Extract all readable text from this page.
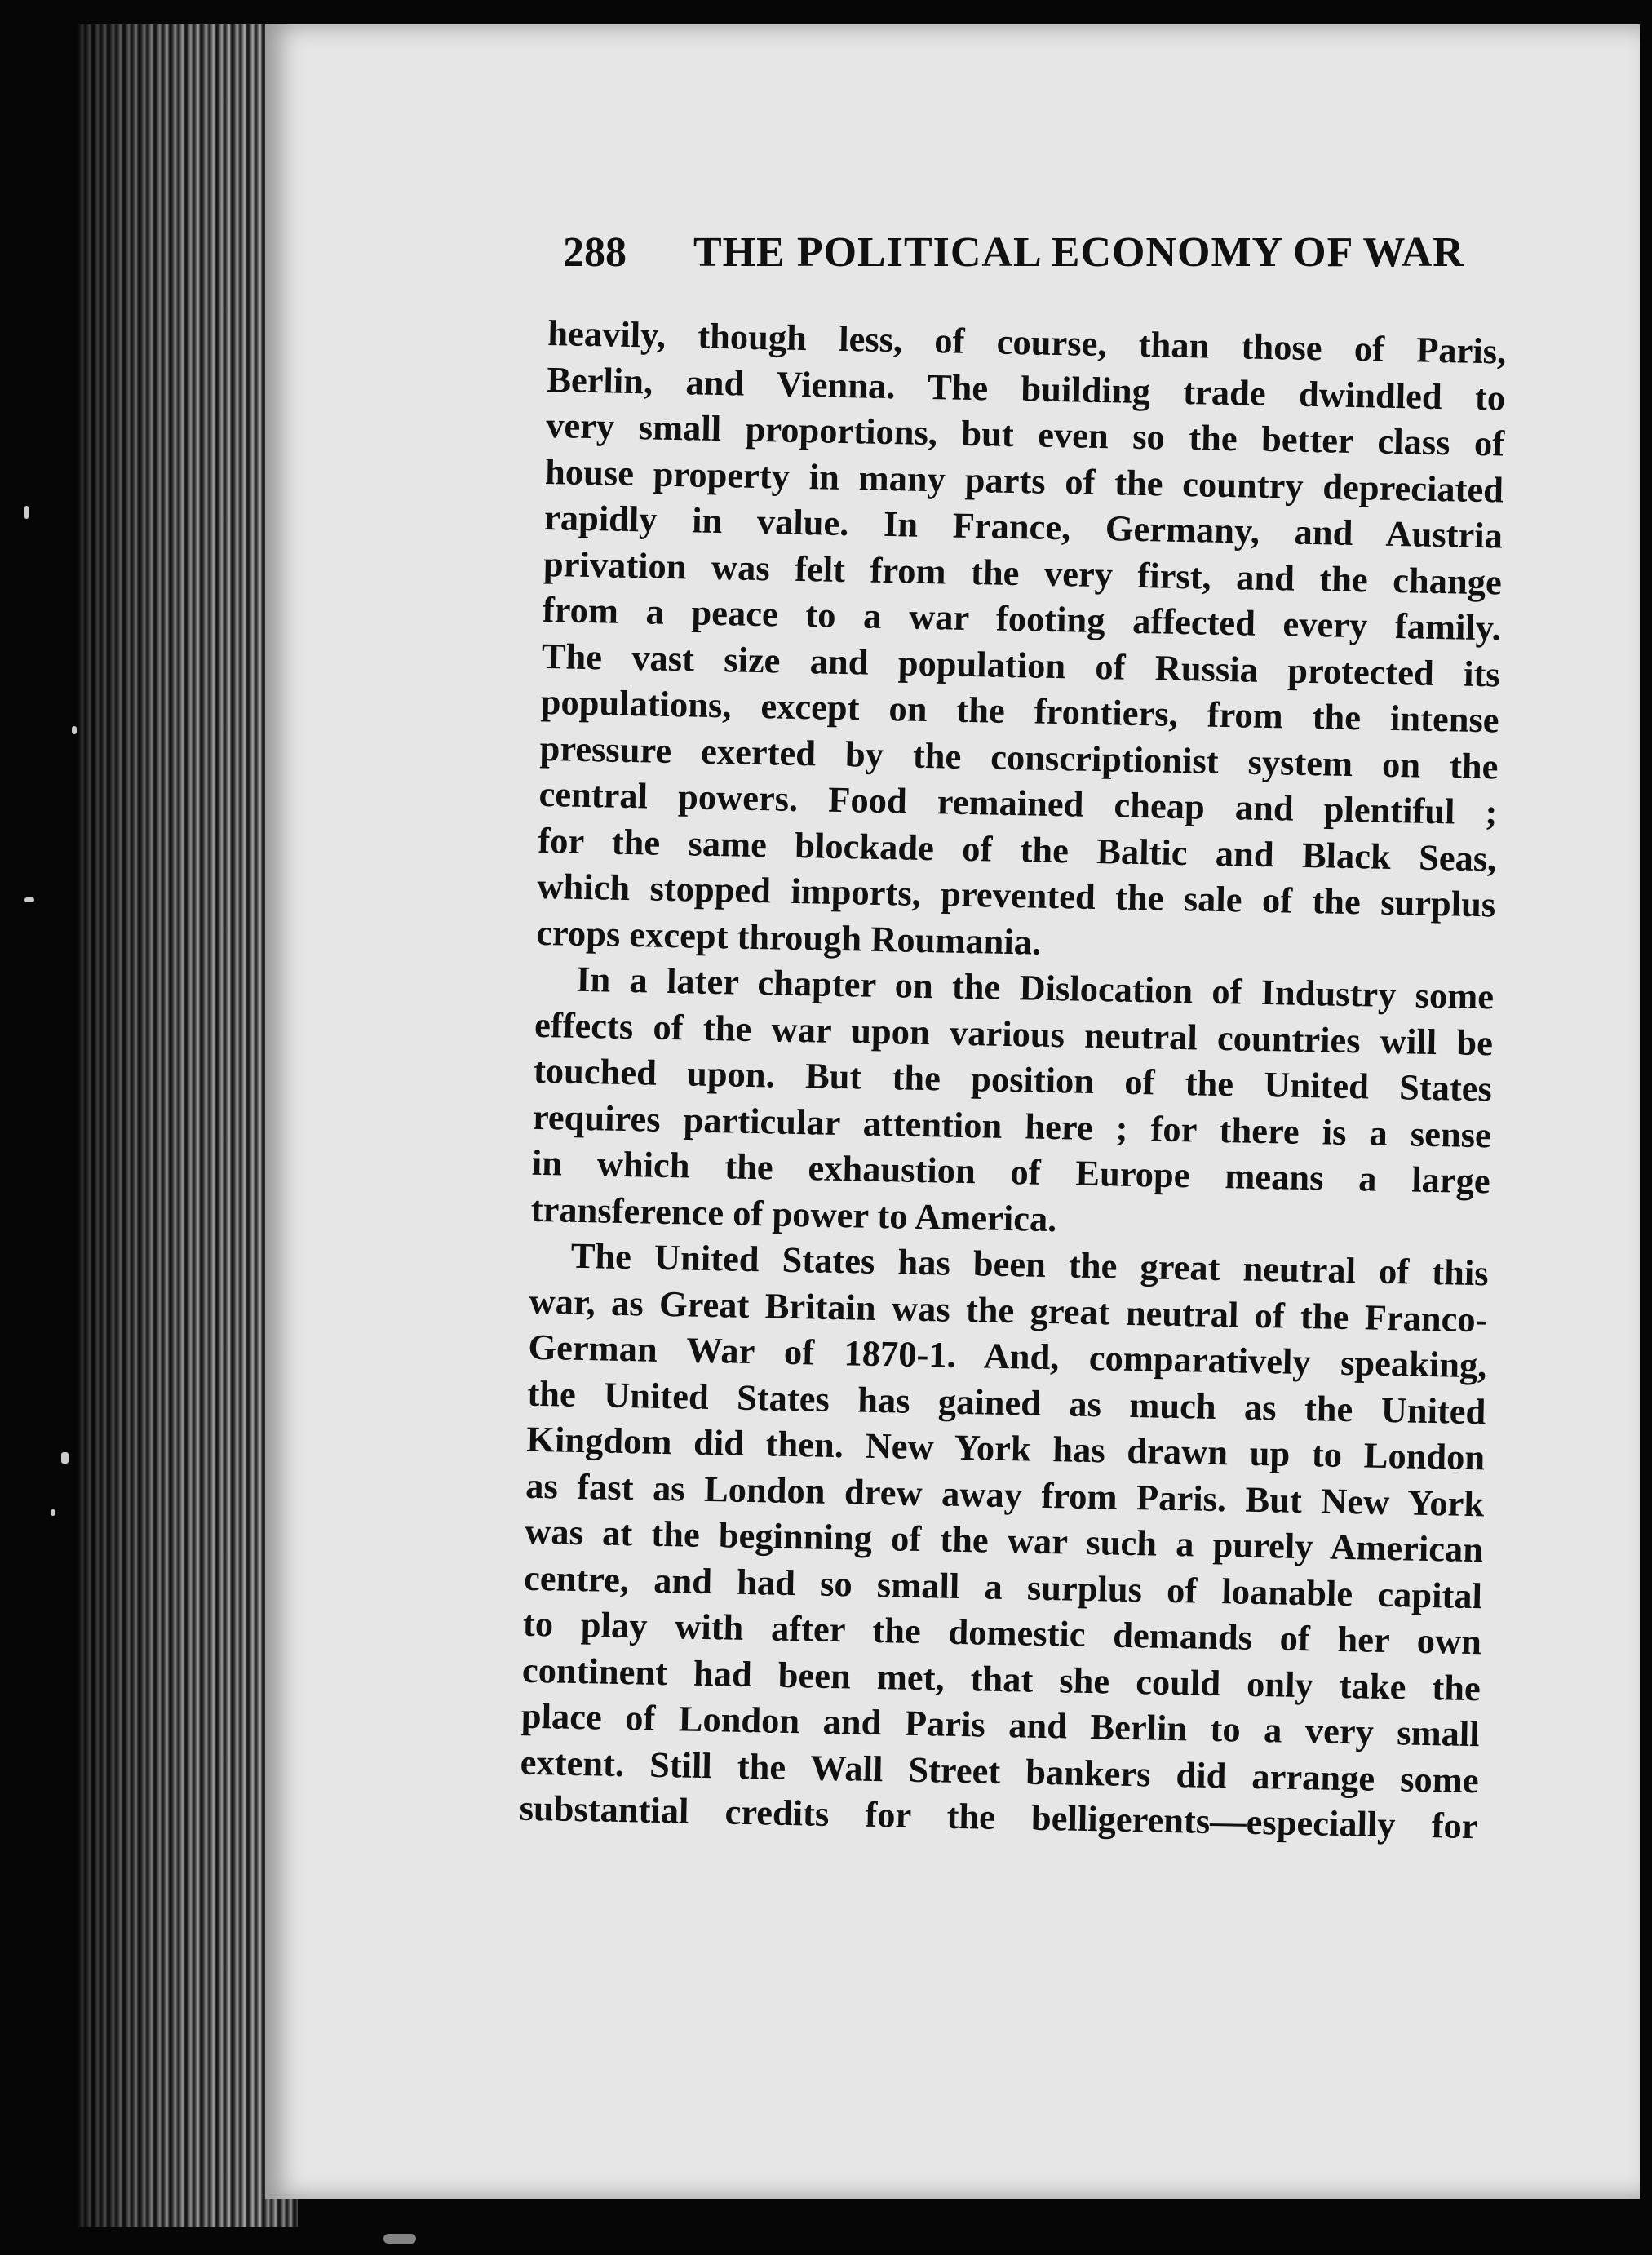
288 THE POLITICAL ECONOMY OF WAR
heavily, though less, of course, than those of Paris,
Berlin, and Vienna. The building trade dwindled to
very small proportions, but even so the better class of
house property in many parts of the country depreciated
rapidly in value. In France, Germany, and Austria
privation was felt from the very first, and the change
from a peace to a war footing affected every family.
The vast size and population of Russia protected its
populations, except on the frontiers, from the intense
pressure exerted by the conscriptionist system on the
central powers. Food remained cheap and plentiful ;
for the same blockade of the Baltic and Black Seas,
which stopped imports, prevented the sale of the surplus
crops except through Roumania.
In a later chapter on the Dislocation of Industry some
effects of the war upon various neutral countries will be
touched upon. But the position of the United States
requires particular attention here ; for there is a sense
in which the exhaustion of Europe means a large
transference of power to America.
The United States has been the great neutral of this
war, as Great Britain was the great neutral of the Franco-
German War of 1870-1. And, comparatively speaking,
the United States has gained as much as the United
Kingdom did then. New York has drawn up to London
as fast as London drew away from Paris. But New York
was at the beginning of the war such a purely American
centre, and had so small a surplus of loanable capital
to play with after the domestic demands of her own
continent had been met, that she could only take the
place of London and Paris and Berlin to a very small
extent. Still the Wall Street bankers did arrange some
substantial credits for the belligerents—especially for
